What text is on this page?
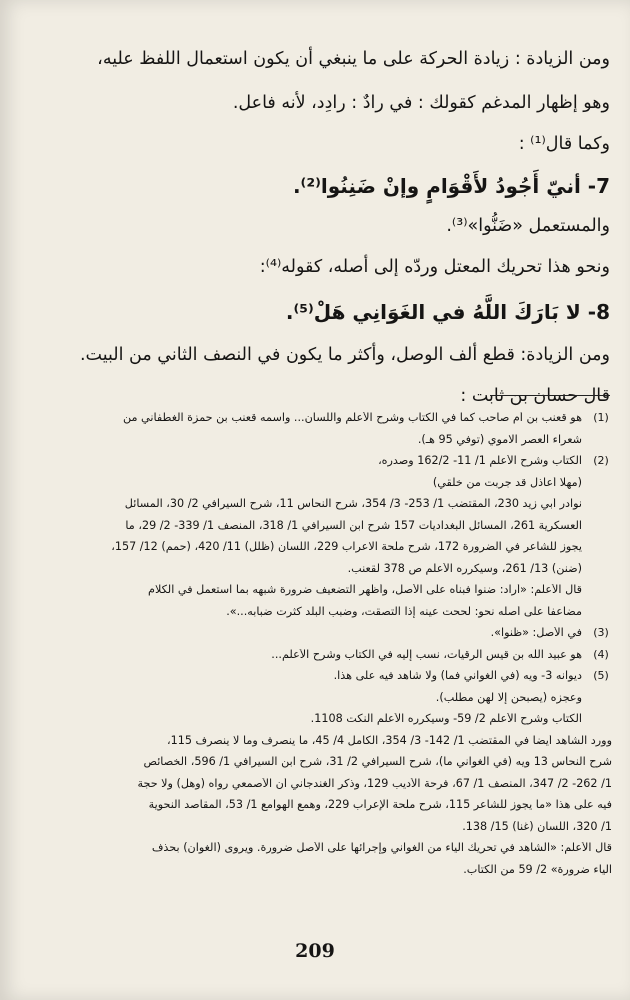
ومن الزيادة : زيادة الحركة على ما ينبغي أن يكون استعمال اللفظ عليه،
وهو إظهار المدغم كقولك : في رادٌ : رادِد، لأنه فاعل.
وكما قال⁽¹⁾ :
7- أنيّ أَجُودُ لأَقْوَامٍ وإنْ ضَنِنُوا⁽²⁾.
والمستعمل «ضَنُّوا»⁽³⁾.
ونحو هذا تحريك المعتل وردّه إلى أصله، كقوله⁽⁴⁾:
8- لا بَارَكَ اللَّهُ في الغَوَانِي هَلْ⁽⁵⁾.
ومن الزيادة: قطع ألف الوصل، وأكثر ما يكون في النصف الثاني من البيت.
قال حسان بن ثابت :
(1)
هو قعنب بن أم صاحب كما في الكتاب وشرح الأعلم واللسان... واسمه قعنب بن حمزة الغطفاني من
شعراء العصر الاموي (توفي 95 هـ).
(2)
الكتاب وشرح الأعلم 1/ 11- 162/2 وصدره،
(مهلا أعاذل قد جربت من خلقي)
نوادر أبي زيد 230، المقتضب 1/ 253- 3/ 354، شرح النحاس 11، شرح السيرافي 2/ 30، المسائل
العسكرية 261، المسائل البغداديات 157 شرح ابن السيرافي 1/ 318، المنصف 1/ 339- 2/ 29، ما
يجوز للشاعر في الضرورة 172، شرح ملحة الاعراب 229، اللسان (ظلل) 11/ 420، (حمم) 12/ 157،
(ضنن) 13/ 261، وسيكرره الأعلم ص 378 لقعنب.
قال الأعلم: «أراد: ضنوا فبناه على الأصل، وأظهر التضعيف ضرورة شبهه بما استعمل في الكلام
مضاعفا على أصله نحو: لححت عينه إذا التصقت، وضبب البلد كثرت ضبابه...».
(3)
في الأصل: «ظنوا».
(4)
هو عبيد الله بن قيس الرقيات، نسب إليه في الكتاب وشرح الأعلم...
(5)
ديوانه 3- ويه (في الغواني فما) ولا شاهد فيه على هذا.
وعجزه (يصبحن إلا لهن مطلب).
الكتاب وشرح الأعلم 2/ 59- وسيكرره الأعلم النكت 1108.
وورد الشاهد أيضا في المقتضب 1/ 142- 3/ 354، الكامل 4/ 45، ما ينصرف وما لا ينصرف 115،
شرح النحاس 13 ويه (في الغواني ما)، شرح السيرافي 2/ 31، شرح ابن السيرافي 1/ 596، الخصائص
1/ 262- 2/ 347، المنصف 1/ 67، فرحة الأديب 129، وذكر الغندجاني أن الأصمعي رواه (وهل) ولا حجة
فيه على هذا «ما يجوز للشاعر 115، شرح ملحة الإعراب 229، وهمع الهوامع 1/ 53، المقاصد النحوية
1/ 320، اللسان (غنا) 15/ 138.
قال الأعلم: «الشاهد في تحريك الياء من الغواني وإجرائها على الأصل ضرورة. ويروى (الغوان) بحذف
الياء ضرورة» 2/ 59 من الكتاب.
209
